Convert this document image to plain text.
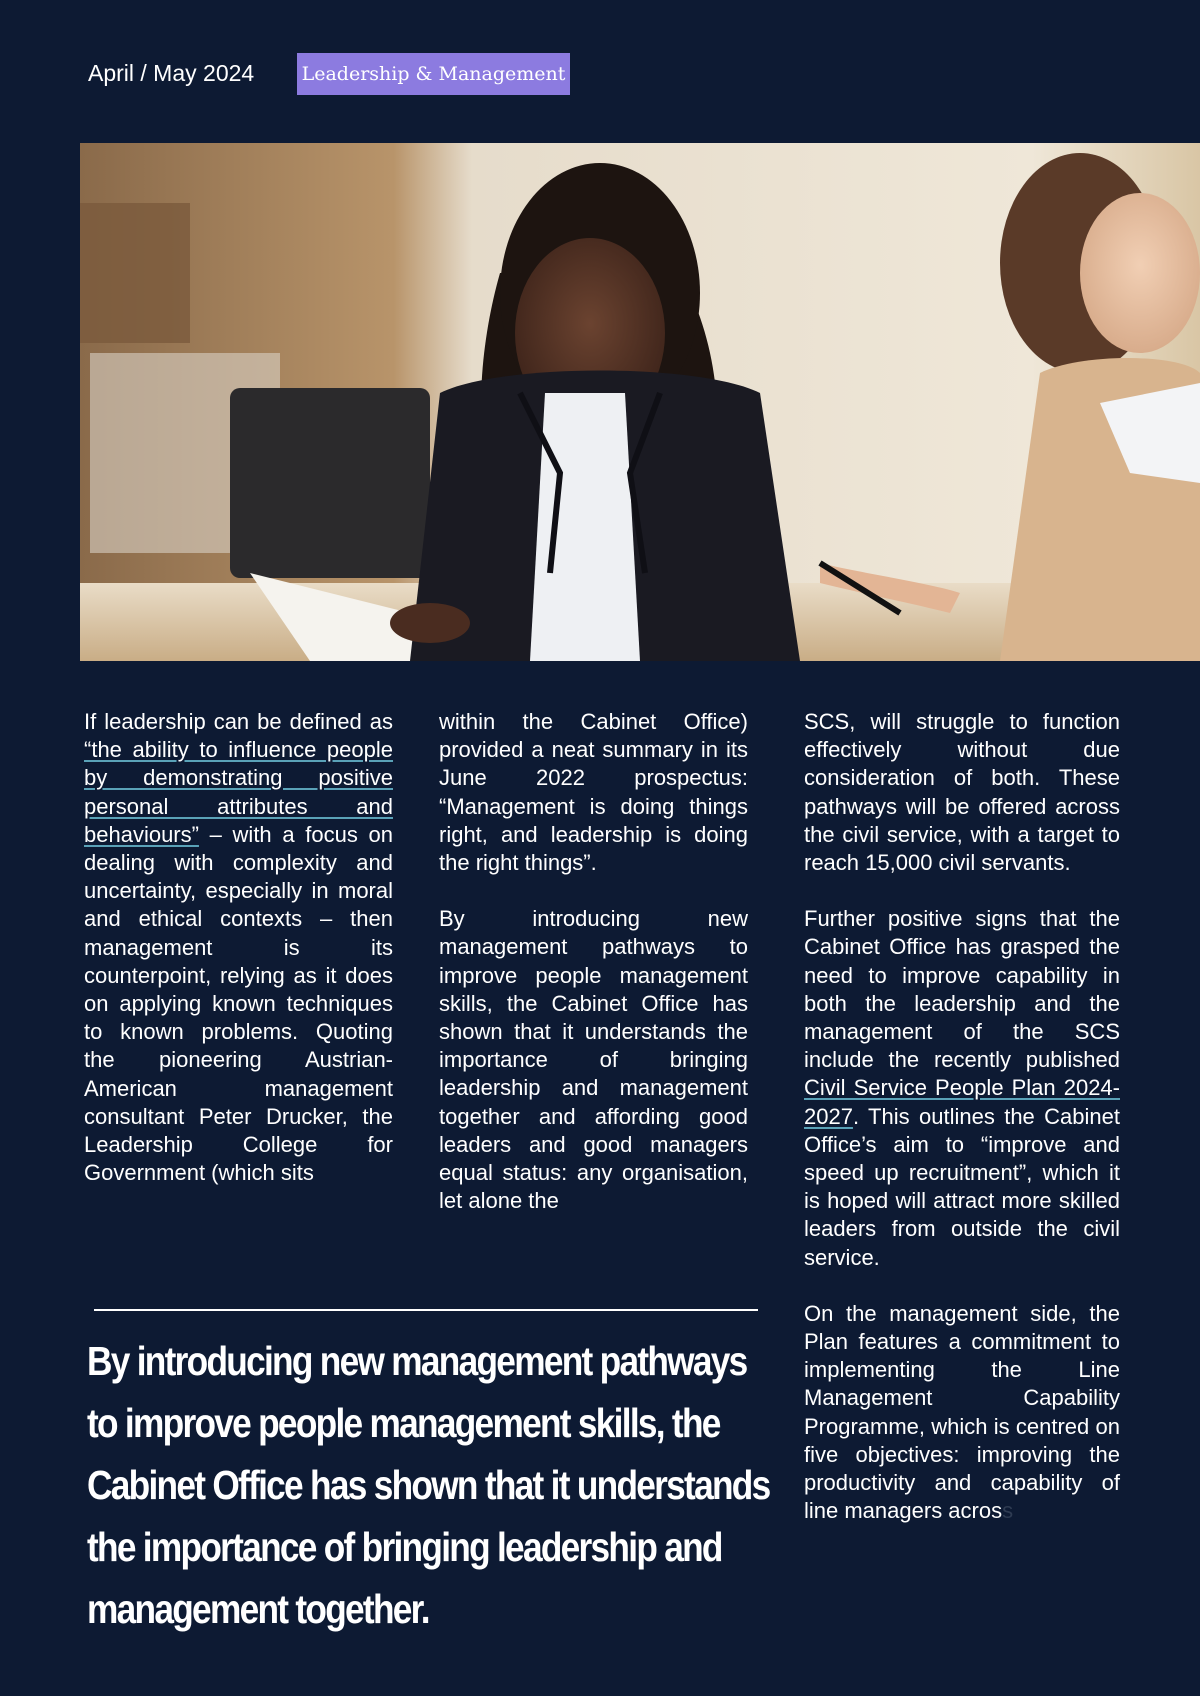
April / May 2024 Leadership & Management

If leadership can be defined as “the ability to influence people by demonstrating positive personal attributes and behaviours” – with a focus on dealing with complexity and uncertainty, especially in moral and ethical contexts – then management is its counterpoint, relying as it does on applying known techniques to known problems. Quoting the pioneering Austrian-American management consultant Peter Drucker, the Leadership College for Government (which sits

within the Cabinet Office) provided a neat summary in its June 2022 prospectus: “Management is doing things right, and leadership is doing the right things”.

By introducing new management pathways to improve people management skills, the Cabinet Office has shown that it understands the importance of bringing leadership and management together and affording good leaders and good managers equal status: any organisation, let alone the

SCS, will struggle to function effectively without due consideration of both. These pathways will be offered across the civil service, with a target to reach 15,000 civil servants.

Further positive signs that the Cabinet Office has grasped the need to improve capability in both the leadership and the management of the SCS include the recently published Civil Service People Plan 2024-2027. This outlines the Cabinet Office’s aim to “improve and speed up recruitment”, which it is hoped will attract more skilled leaders from outside the civil service.

On the management side, the Plan features a commitment to implementing the Line Management Capability Programme, which is centred on five objectives: improving the productivity and capability of line managers across

By introducing new management pathways to improve people management skills, the Cabinet Office has shown that it understands the importance of bringing leadership and management together.
